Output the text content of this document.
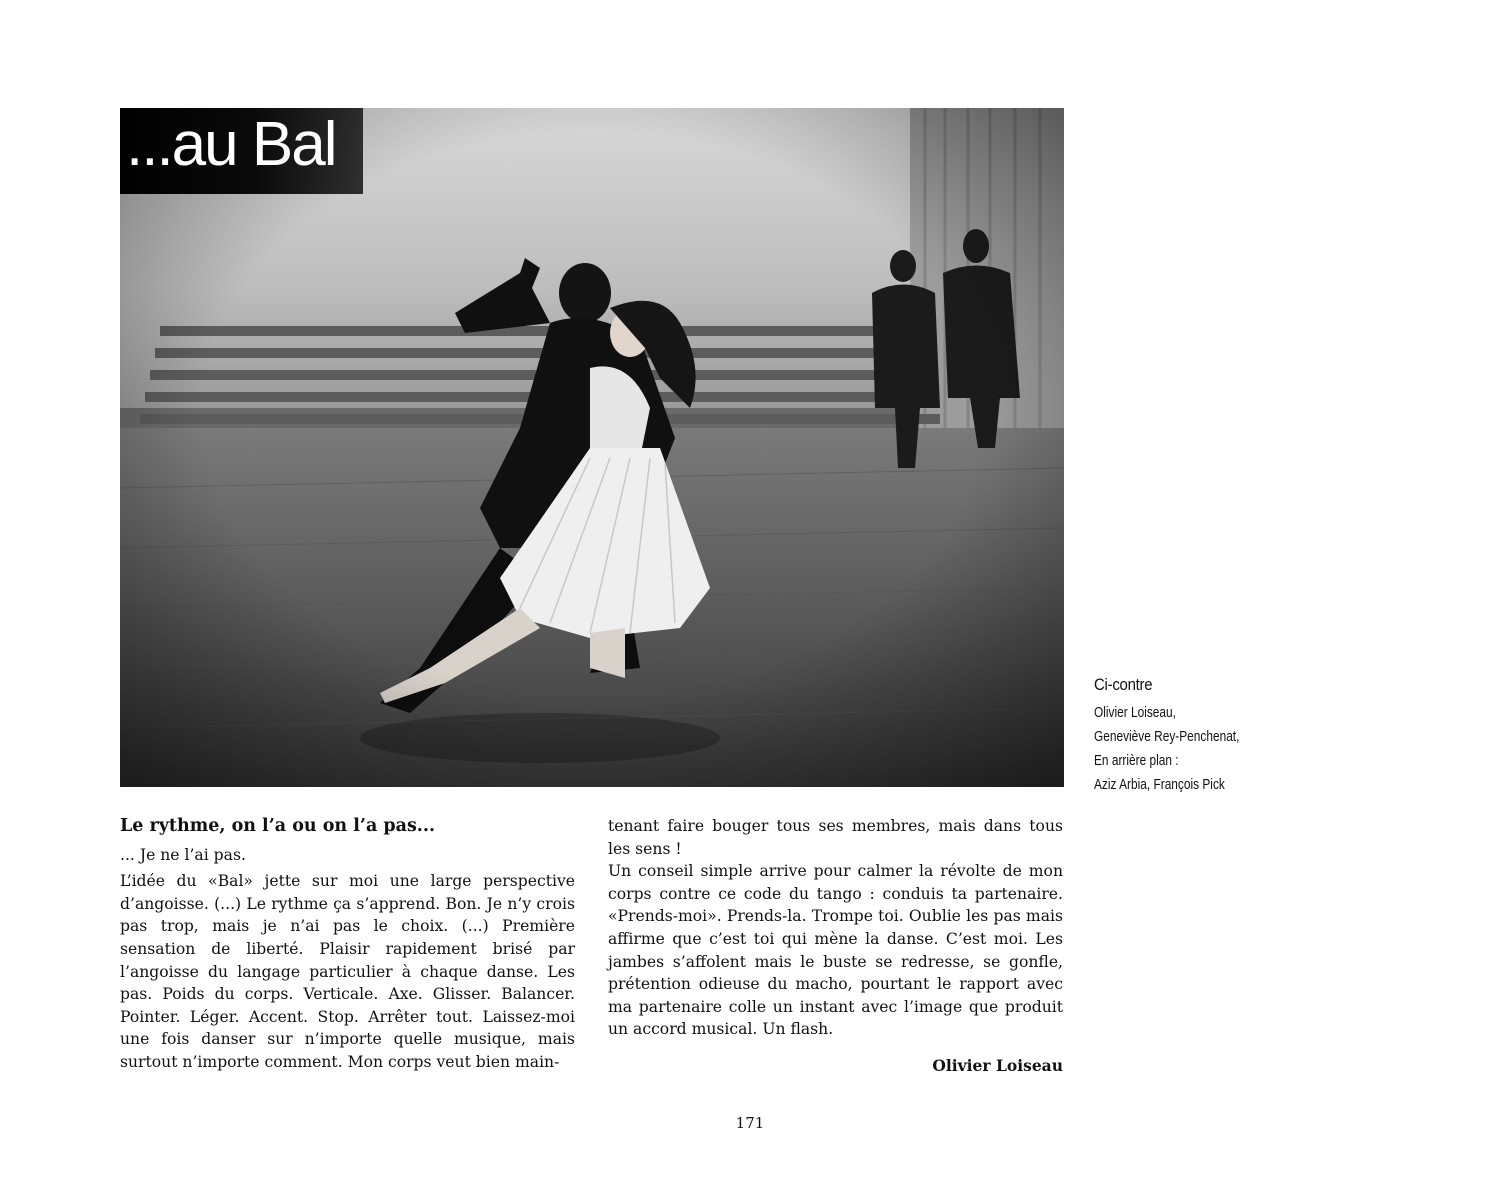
...au Bal
Ci-contre
Olivier Loiseau,
Geneviève Rey-Penchenat,
En arrière plan :
Aziz Arbia, François Pick
Le rythme, on l’a ou on l’a pas...

... Je ne l’ai pas.

L’idée du «Bal» jette sur moi une large perspective d’angoisse. (...) Le rythme ça s’apprend. Bon. Je n’y crois pas trop, mais je n’ai pas le choix. (...) Première sensation de liberté. Plaisir rapidement brisé par l’angoisse du langage particulier à chaque danse. Les pas. Poids du corps. Verticale. Axe. Glisser. Balancer. Pointer. Léger. Accent. Stop. Arrêter tout. Laissez-moi une fois danser sur n’importe quelle musique, mais surtout n’importe comment. Mon corps veut bien main-

tenant faire bouger tous ses membres, mais dans tous les sens !

Un conseil simple arrive pour calmer la révolte de mon corps contre ce code du tango : conduis ta partenaire. «Prends-moi». Prends-la. Trompe toi. Oublie les pas mais affirme que c’est toi qui mène la danse. C’est moi. Les jambes s’affolent mais le buste se redresse, se gonfle, prétention odieuse du macho, pourtant le rapport avec ma partenaire colle un instant avec l’image que produit un accord musical. Un flash.

Olivier Loiseau
171
